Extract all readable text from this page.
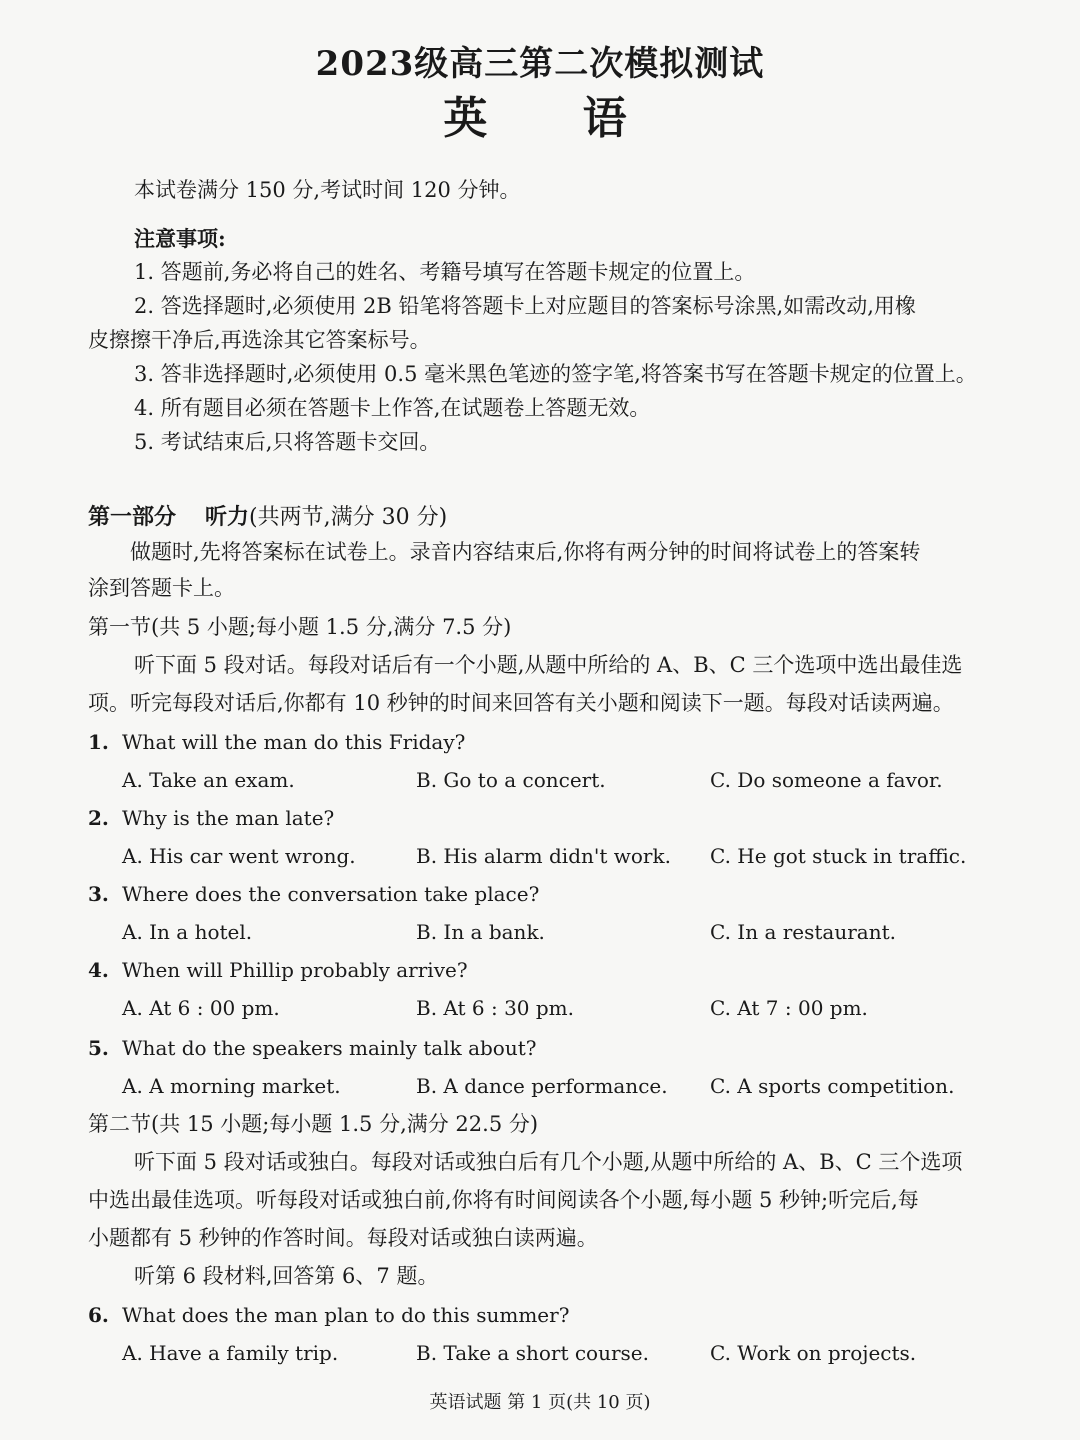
2023级高三第二次模拟测试
英 语
本试卷满分 150 分,考试时间 120 分钟。
注意事项:
1. 答题前,务必将自己的姓名、考籍号填写在答题卡规定的位置上。
2. 答选择题时,必须使用 2B 铅笔将答题卡上对应题目的答案标号涂黑,如需改动,用橡
皮擦擦干净后,再选涂其它答案标号。
3. 答非选择题时,必须使用 0.5 毫米黑色笔迹的签字笔,将答案书写在答题卡规定的位置上。
4. 所有题目必须在答题卡上作答,在试题卷上答题无效。
5. 考试结束后,只将答题卡交回。
第一部分 听力(共两节,满分 30 分)
做题时,先将答案标在试卷上。录音内容结束后,你将有两分钟的时间将试卷上的答案转
涂到答题卡上。
第一节(共 5 小题;每小题 1.5 分,满分 7.5 分)
听下面 5 段对话。每段对话后有一个小题,从题中所给的 A、B、C 三个选项中选出最佳选
项。听完每段对话后,你都有 10 秒钟的时间来回答有关小题和阅读下一题。每段对话读两遍。
1. What will the man do this Friday?
A. Take an exam.	B. Go to a concert.	C. Do someone a favor.
2. Why is the man late?
A. His car went wrong.	B. His alarm didn't work. C. He got stuck in traffic.
3. Where does the conversation take place?
A. In a hotel.	B. In a bank.	C. In a restaurant.
4. When will Phillip probably arrive?
A. At 6 : 00 pm.	B. At 6 : 30 pm.	C. At 7 : 00 pm.
5. What do the speakers mainly talk about?
A. A morning market.	B. A dance performance. C. A sports competition.
第二节(共 15 小题;每小题 1.5 分,满分 22.5 分)
听下面 5 段对话或独白。每段对话或独白后有几个小题,从题中所给的 A、B、C 三个选项
中选出最佳选项。听每段对话或独白前,你将有时间阅读各个小题,每小题 5 秒钟;听完后,每
小题都有 5 秒钟的作答时间。每段对话或独白读两遍。
听第 6 段材料,回答第 6、7 题。
6. What does the man plan to do this summer?
A. Have a family trip.	B. Take a short course.	C. Work on projects.
英语试题 第 1 页(共 10 页)
